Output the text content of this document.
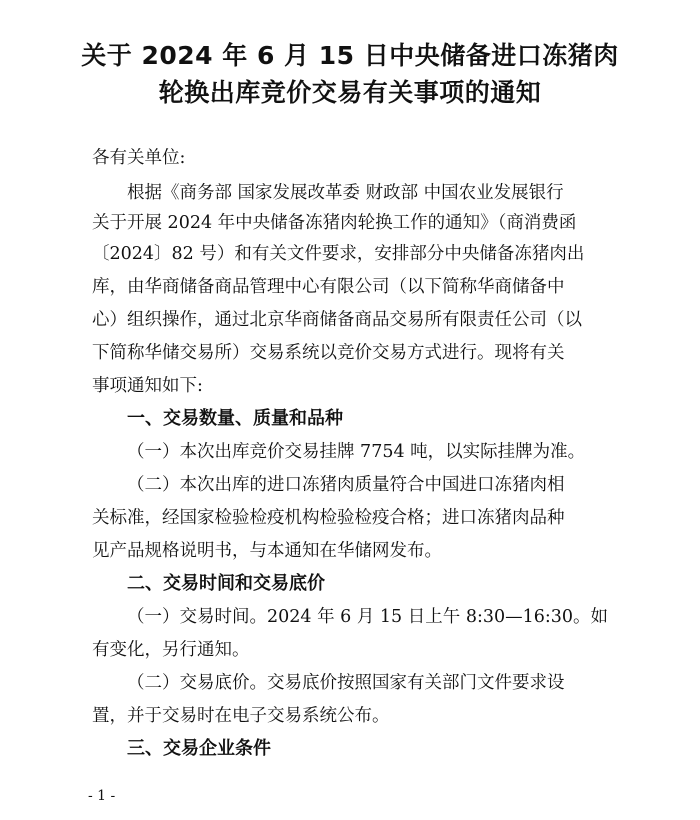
关于 2024 年 6 月 15 日中央储备进口冻猪肉
轮换出库竞价交易有关事项的通知
各有关单位:
根据《商务部 国家发展改革委 财政部 中国农业发展银行
关于开展 2024 年中央储备冻猪肉轮换工作的通知》（商消费函
〔2024〕82 号）和有关文件要求，安排部分中央储备冻猪肉出
库，由华商储备商品管理中心有限公司（以下简称华商储备中
心）组织操作，通过北京华商储备商品交易所有限责任公司（以
下简称华储交易所）交易系统以竞价交易方式进行。现将有关
事项通知如下:
一、交易数量、质量和品种
（一）本次出库竞价交易挂牌 7754 吨，以实际挂牌为准。
（二）本次出库的进口冻猪肉质量符合中国进口冻猪肉相
关标准，经国家检验检疫机构检验检疫合格；进口冻猪肉品种
见产品规格说明书，与本通知在华储网发布。
二、交易时间和交易底价
（一）交易时间。2024 年 6 月 15 日上午 8:30—16:30。如
有变化，另行通知。
（二）交易底价。交易底价按照国家有关部门文件要求设
置，并于交易时在电子交易系统公布。
三、交易企业条件
- 1 -
